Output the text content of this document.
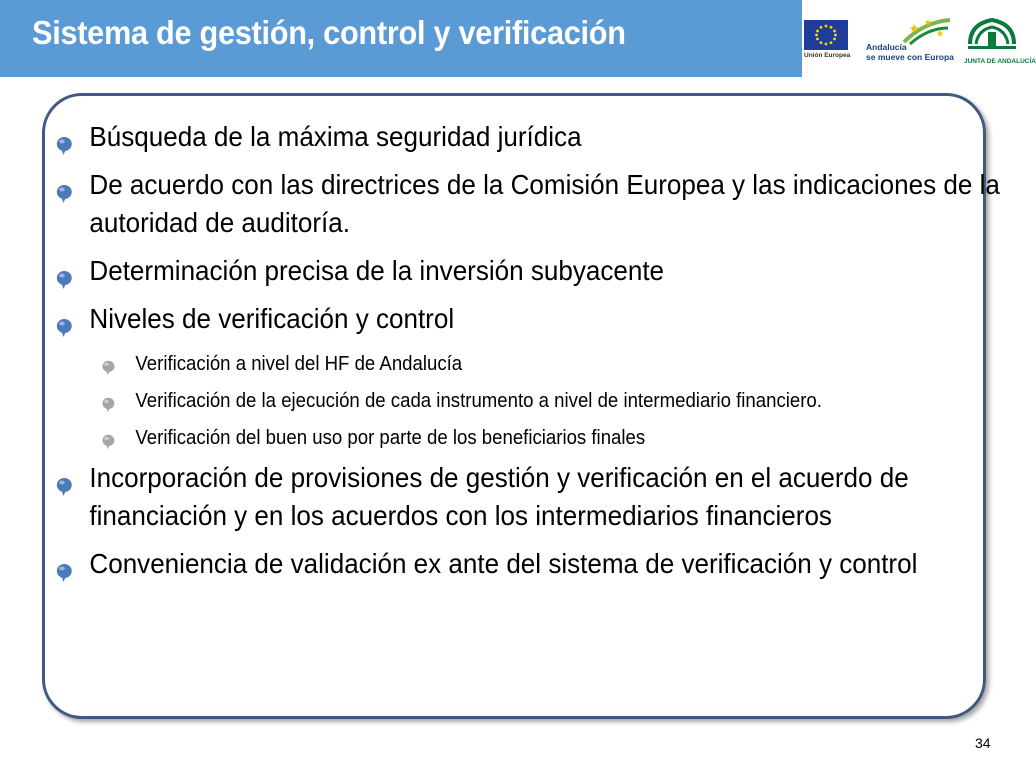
Sistema de gestión, control y verificación
Unión Europea
Andalucía
se mueve con Europa JUNTA DE ANDALUCÍA
Búsqueda de la máxima seguridad jurídica
De acuerdo con las directrices de la Comisión Europea y las indicaciones de la autoridad de auditoría.
Determinación precisa de la inversión subyacente
Niveles de verificación y control
Verificación a nivel del HF de Andalucía
Verificación de la ejecución de cada instrumento a nivel de intermediario financiero.
Verificación del buen uso por parte de los beneficiarios finales
Incorporación de provisiones de gestión y verificación en el acuerdo de financiación y en los acuerdos con los intermediarios financieros
Conveniencia de validación ex ante del sistema de verificación y control
34
